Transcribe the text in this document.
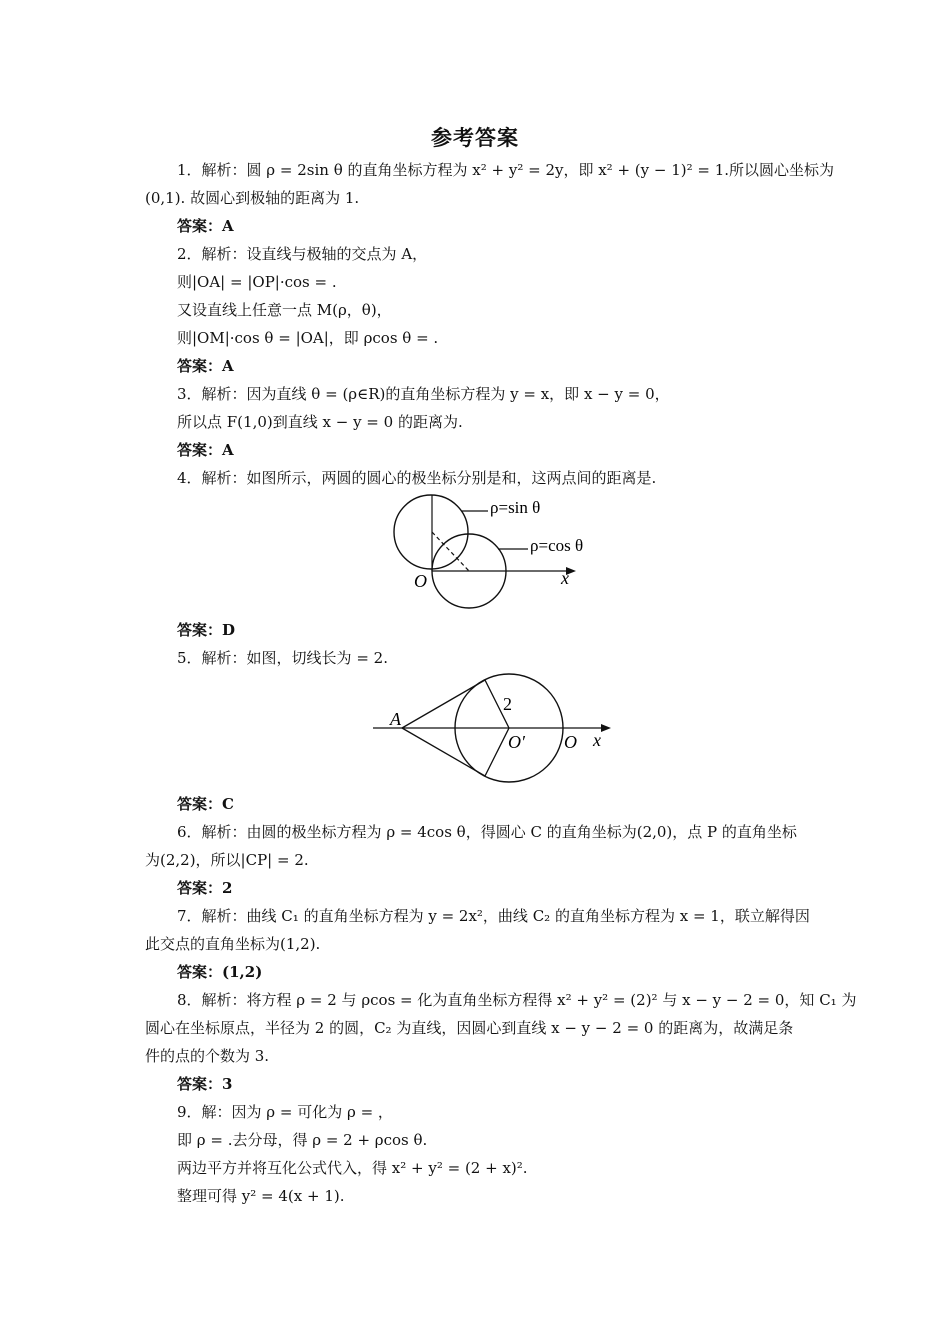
参考答案
1．解析：圆 ρ = 2sin θ 的直角坐标方程为 x² + y² = 2y，即 x² + (y − 1)² = 1.所以圆心坐标为
(0,1). 故圆心到极轴的距离为 1.
答案：A
2．解析：设直线与极轴的交点为 A，
则|OA| = |OP|·cos = .
又设直线上任意一点 M(ρ，θ)，
则|OM|·cos θ = |OA|，即 ρcos θ = .
答案：A
3．解析：因为直线 θ = (ρ∈R)的直角坐标方程为 y = x，即 x − y = 0，
所以点 F(1,0)到直线 x − y = 0 的距离为.
答案：A
4．解析：如图所示，两圆的圆心的极坐标分别是和，这两点间的距离是.
ρ=sin θ
ρ=cos θ
O	x
答案：D
5．解析：如图，切线长为 = 2.
A
2
O′ O x
答案：C
6．解析：由圆的极坐标方程为 ρ = 4cos θ，得圆心 C 的直角坐标为(2,0)，点 P 的直角坐标
为(2,2)，所以|CP| = 2.
答案：2
7．解析：曲线 C₁ 的直角坐标方程为 y = 2x²，曲线 C₂ 的直角坐标方程为 x = 1，联立解得因
此交点的直角坐标为(1,2).
答案：(1,2)
8．解析：将方程 ρ = 2 与 ρcos = 化为直角坐标方程得 x² + y² = (2)² 与 x − y − 2 = 0，知 C₁ 为
圆心在坐标原点，半径为 2 的圆，C₂ 为直线，因圆心到直线 x − y − 2 = 0 的距离为，故满足条
件的点的个数为 3.
答案：3
9．解：因为 ρ = 可化为 ρ = ，
即 ρ = .去分母，得 ρ = 2 + ρcos θ.
两边平方并将互化公式代入，得 x² + y² = (2 + x)².
整理可得 y² = 4(x + 1).
